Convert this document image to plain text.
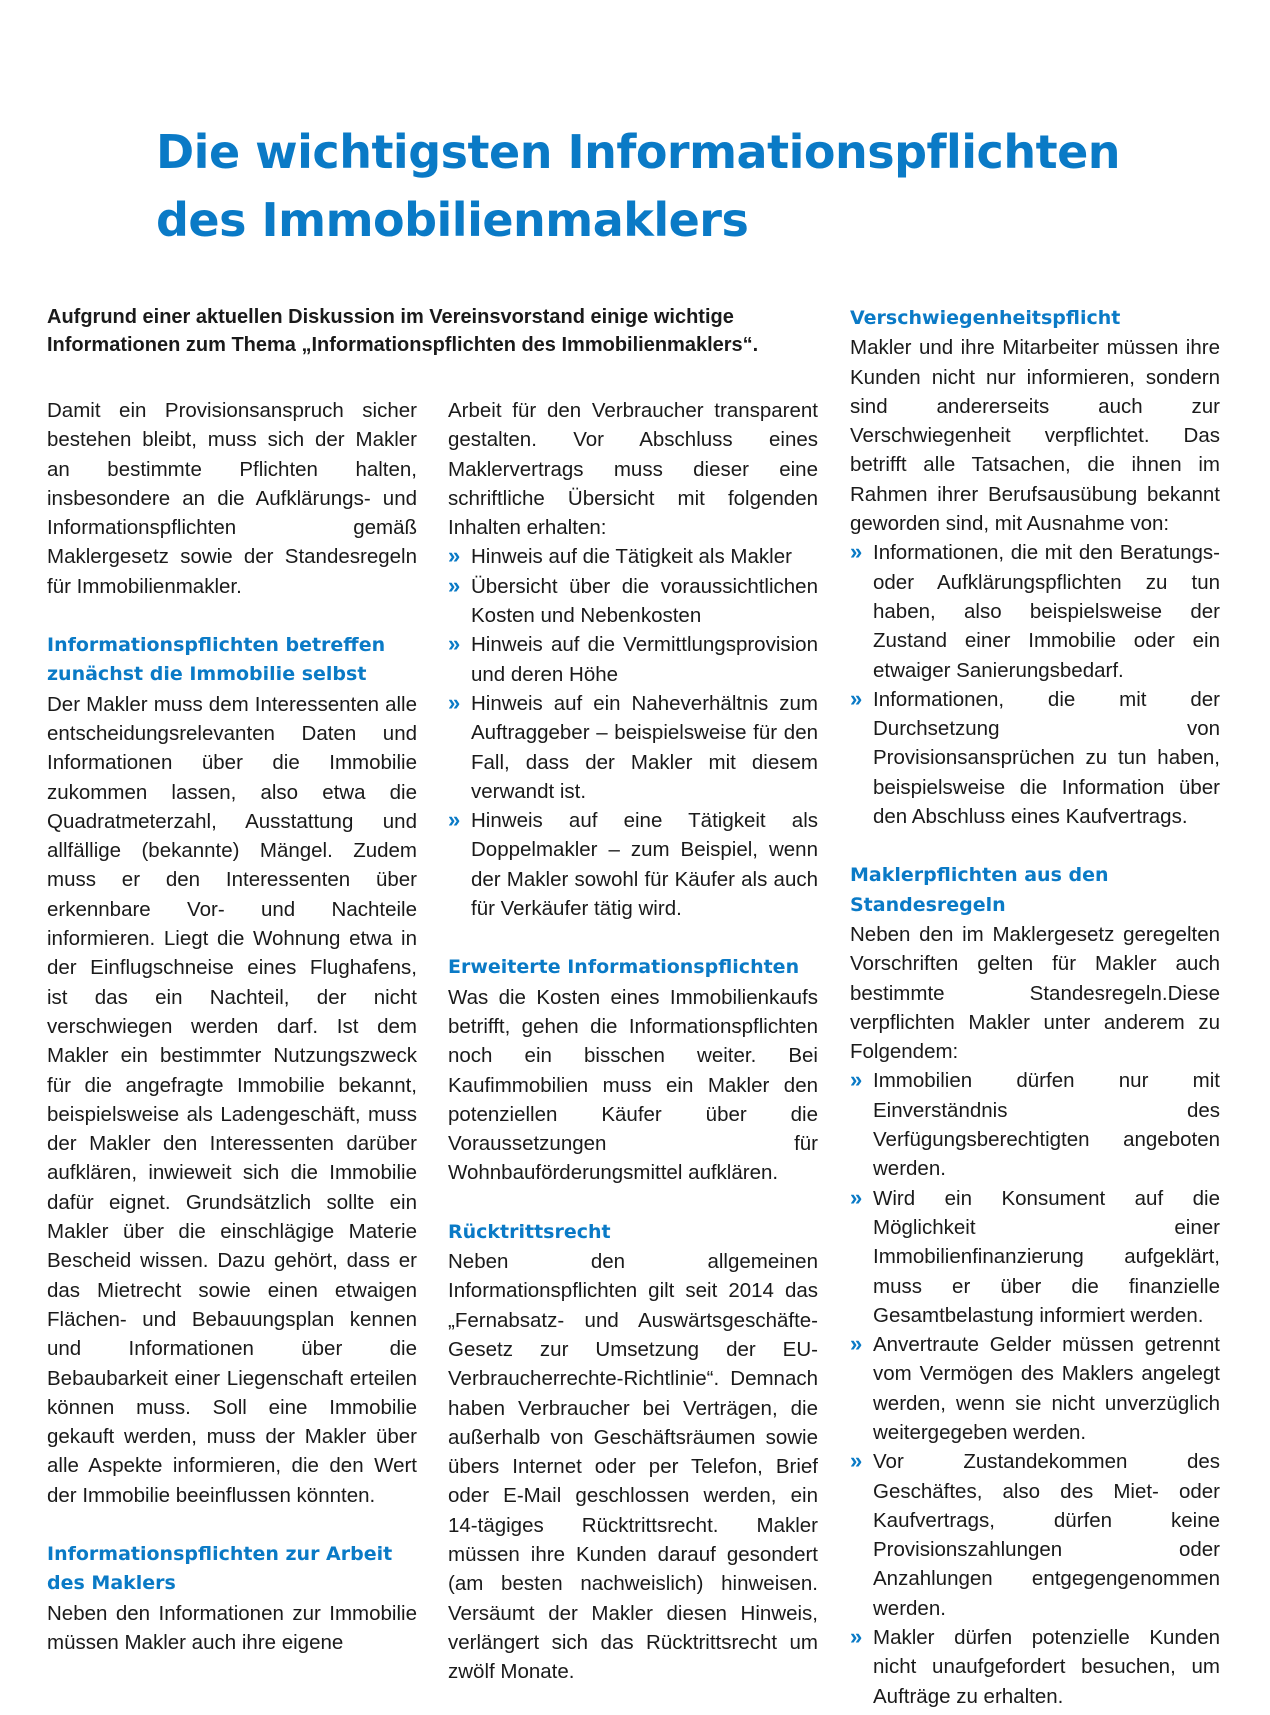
Die wichtigsten Informationspflichten
des Immobilienmaklers

Aufgrund einer aktuellen Diskussion im Vereinsvorstand einige wichtige Informationen zum Thema „Informationspflichten des Immobilienmaklers“.

Damit ein Provisionsanspruch sicher bestehen bleibt, muss sich der Makler an bestimmte Pflichten halten, insbesondere an die Aufklärungs- und Informationspflichten gemäß Maklergesetz sowie der Standesregeln für Immobilienmakler.

Informationspflichten betreffen zunächst die Immobilie selbst

Der Makler muss dem Interessenten alle entscheidungsrelevanten Daten und Informationen über die Immobilie zukommen lassen, also etwa die Quadratmeterzahl, Ausstattung und allfällige (bekannte) Mängel. Zudem muss er den Interessenten über erkennbare Vor- und Nachteile informieren. Liegt die Wohnung etwa in der Einflugschneise eines Flughafens, ist das ein Nachteil, der nicht verschwiegen werden darf. Ist dem Makler ein bestimmter Nutzungszweck für die angefragte Immobilie bekannt, beispielsweise als Ladengeschäft, muss der Makler den Interessenten darüber aufklären, inwieweit sich die Immobilie dafür eignet. Grundsätzlich sollte ein Makler über die einschlägige Materie Bescheid wissen. Dazu gehört, dass er das Mietrecht sowie einen etwaigen Flächen- und Bebauungsplan kennen und Informationen über die Bebaubarkeit einer Liegenschaft erteilen können muss. Soll eine Immobilie gekauft werden, muss der Makler über alle Aspekte informieren, die den Wert der Immobilie beeinflussen könnten.

Informationspflichten zur Arbeit des Maklers

Neben den Informationen zur Immobilie müssen Makler auch ihre eigene

Arbeit für den Verbraucher transparent gestalten. Vor Abschluss eines Maklervertrags muss dieser eine schriftliche Übersicht mit folgenden Inhalten erhalten:

» Hinweis auf die Tätigkeit als Makler
» Übersicht über die voraussichtlichen Kosten und Nebenkosten
» Hinweis auf die Vermittlungsprovision und deren Höhe
» Hinweis auf ein Naheverhältnis zum Auftraggeber – beispielsweise für den Fall, dass der Makler mit diesem verwandt ist.
» Hinweis auf eine Tätigkeit als Doppelmakler – zum Beispiel, wenn der Makler sowohl für Käufer als auch für Verkäufer tätig wird.
Erweiterte Informationspflichten

Was die Kosten eines Immobilienkaufs betrifft, gehen die Informationspflichten noch ein bisschen weiter. Bei Kaufimmobilien muss ein Makler den potenziellen Käufer über die Voraussetzungen für Wohnbauförderungsmittel aufklären.

Rücktrittsrecht

Neben den allgemeinen Informationspflichten gilt seit 2014 das „Fernabsatz- und Auswärtsgeschäfte-Gesetz zur Umsetzung der EU-Verbraucherrechte-Richtlinie“. Demnach haben Verbraucher bei Verträgen, die außerhalb von Geschäftsräumen sowie übers Internet oder per Telefon, Brief oder E-Mail geschlossen werden, ein 14-tägiges Rücktrittsrecht. Makler müssen ihre Kunden darauf gesondert (am besten nachweislich) hinweisen. Versäumt der Makler diesen Hinweis, verlängert sich das Rücktrittsrecht um zwölf Monate.

Verschwiegenheitspflicht

Makler und ihre Mitarbeiter müssen ihre Kunden nicht nur informieren, sondern sind andererseits auch zur Verschwiegenheit verpflichtet. Das betrifft alle Tatsachen, die ihnen im Rahmen ihrer Berufsausübung bekannt geworden sind, mit Ausnahme von:

» Informationen, die mit den Beratungs- oder Aufklärungspflichten zu tun haben, also beispielsweise der Zustand einer Immobilie oder ein etwaiger Sanierungsbedarf.
» Informationen, die mit der Durchsetzung von Provisionsansprüchen zu tun haben, beispielsweise die Information über den Abschluss eines Kaufvertrags.
Maklerpflichten aus den Standesregeln

Neben den im Maklergesetz geregelten Vorschriften gelten für Makler auch bestimmte Standesregeln.Diese verpflichten Makler unter anderem zu Folgendem:

» Immobilien dürfen nur mit Einverständnis des Verfügungsberechtigten angeboten werden.
» Wird ein Konsument auf die Möglichkeit einer Immobilienfinanzierung aufgeklärt, muss er über die finanzielle Gesamtbelastung informiert werden.
» Anvertraute Gelder müssen getrennt vom Vermögen des Maklers angelegt werden, wenn sie nicht unverzüglich weitergegeben werden.
» Vor Zustandekommen des Geschäftes, also des Miet- oder Kaufvertrags, dürfen keine Provisionszahlungen oder Anzahlungen entgegengenommen werden.
» Makler dürfen potenzielle Kunden nicht unaufgefordert besuchen, um Aufträge zu erhalten.
